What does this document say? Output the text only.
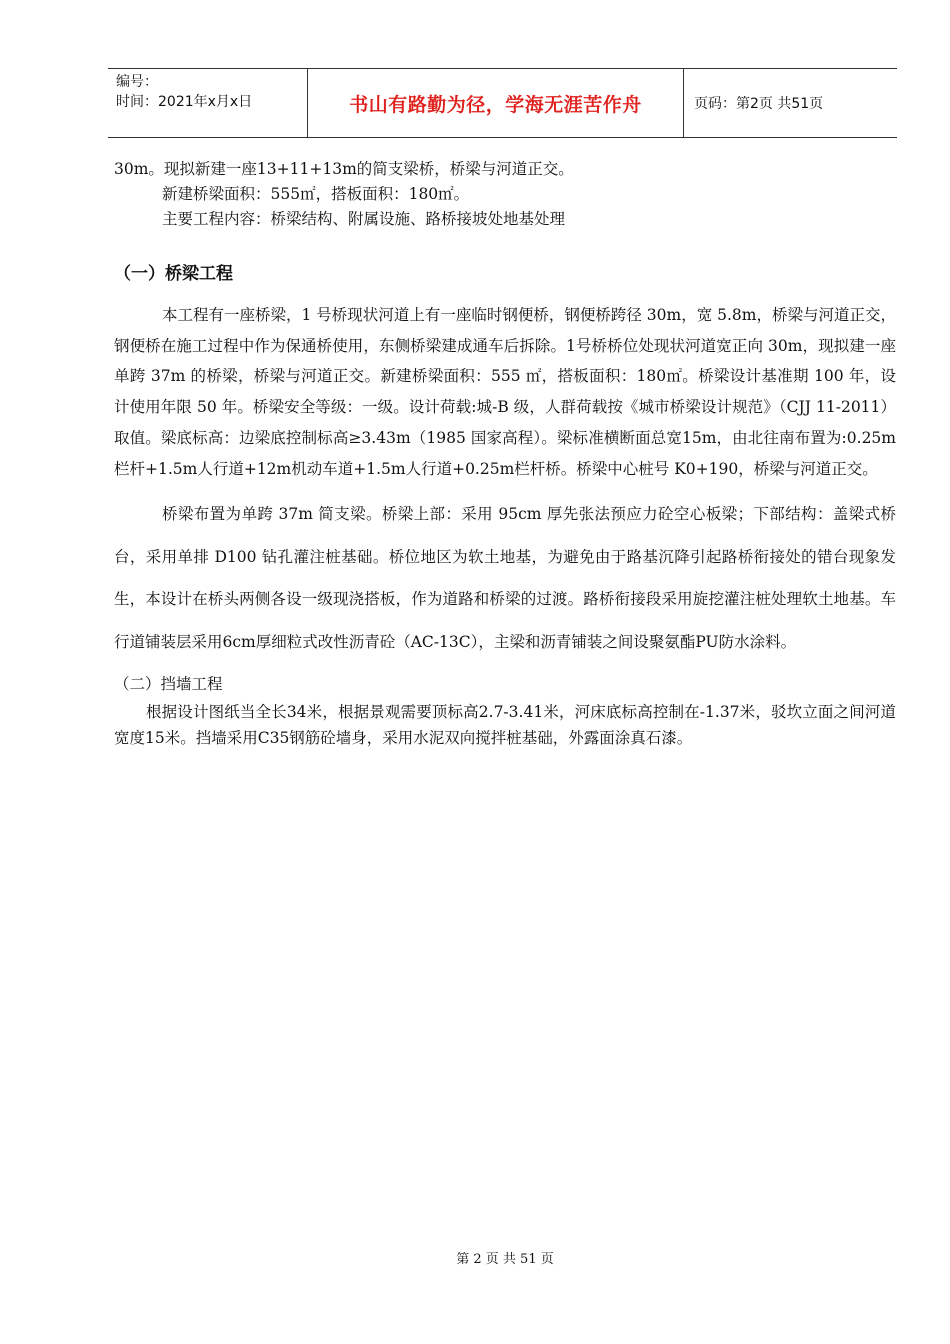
编号：
时间：2021年x月x日	书山有路勤为径，学海无涯苦作舟	页码：第2页 共51页

30m。现拟新建一座13+11+13m的简支梁桥，桥梁与河道正交。

新建桥梁面积：555㎡，搭板面积：180㎡。

主要工程内容：桥梁结构、附属设施、路桥接坡处地基处理

（一）桥梁工程

本工程有一座桥梁，1 号桥现状河道上有一座临时钢便桥，钢便桥跨径 30m，宽 5.8m，桥梁与河道正交，钢便桥在施工过程中作为保通桥使用，东侧桥梁建成通车后拆除。1号桥桥位处现状河道宽正向 30m，现拟建一座单跨 37m 的桥梁，桥梁与河道正交。新建桥梁面积：555 ㎡，搭板面积：180㎡。桥梁设计基准期 100 年，设计使用年限 50 年。桥梁安全等级：一级。设计荷载:城-B 级，人群荷载按《城市桥梁设计规范》（CJJ 11-2011）取值。梁底标高：边梁底控制标高≥3.43m（1985 国家高程）。梁标准横断面总宽15m，由北往南布置为:0.25m栏杆+1.5m人行道+12m机动车道+1.5m人行道+0.25m栏杆桥。桥梁中心桩号 K0+190，桥梁与河道正交。

桥梁布置为单跨 37m 简支梁。桥梁上部：采用 95cm 厚先张法预应力砼空心板梁；下部结构：盖梁式桥台，采用单排 D100 钻孔灌注桩基础。桥位地区为软土地基，为避免由于路基沉降引起路桥衔接处的错台现象发生，本设计在桥头两侧各设一级现浇搭板，作为道路和桥梁的过渡。路桥衔接段采用旋挖灌注桩处理软土地基。车行道铺装层采用6cm厚细粒式改性沥青砼（AC-13C），主梁和沥青铺装之间设聚氨酯PU防水涂料。

（二）挡墙工程

根据设计图纸当全长34米，根据景观需要顶标高2.7-3.41米，河床底标高控制在-1.37米，驳坎立面之间河道宽度15米。挡墙采用C35钢筋砼墙身，采用水泥双向搅拌桩基础，外露面涂真石漆。

第 2 页 共 51 页
